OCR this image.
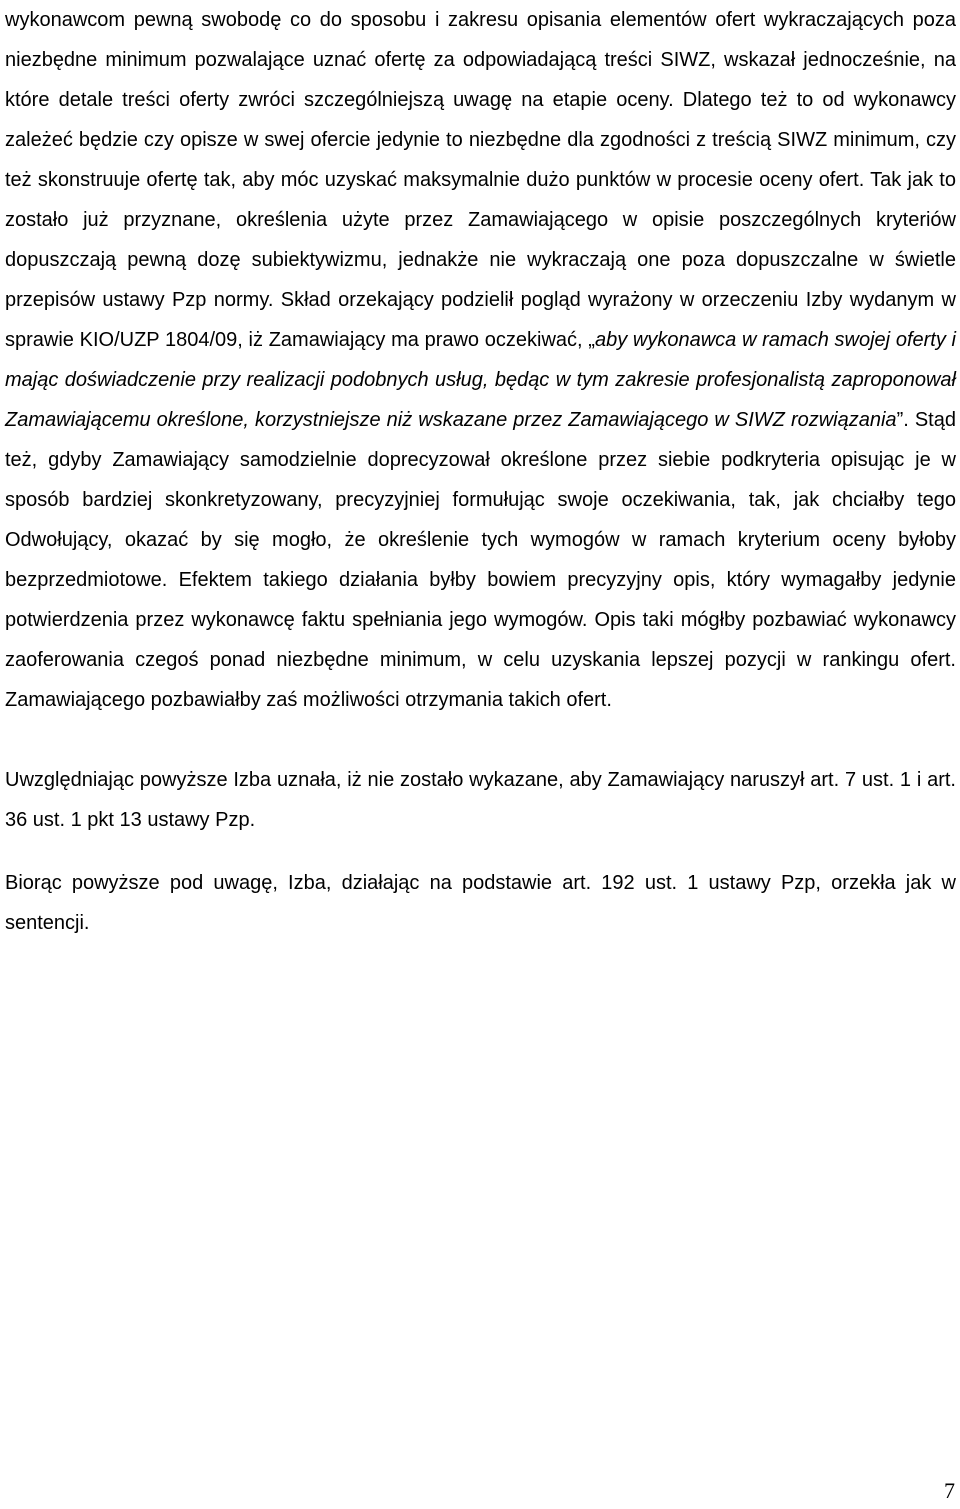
wykonawcom pewną swobodę co do sposobu i zakresu opisania elementów ofert wykraczających poza niezbędne minimum pozwalające uznać ofertę za odpowiadającą treści SIWZ, wskazał jednocześnie, na które detale treści oferty zwróci szczególniejszą uwagę na etapie oceny. Dlatego też to od wykonawcy zależeć będzie czy opisze w swej ofercie jedynie to niezbędne dla zgodności z treścią SIWZ minimum, czy też skonstruuje ofertę tak, aby móc uzyskać maksymalnie dużo punktów w procesie oceny ofert. Tak jak to zostało już przyznane, określenia użyte przez Zamawiającego w opisie poszczególnych kryteriów dopuszczają pewną dozę subiektywizmu, jednakże nie wykraczają one poza dopuszczalne w świetle przepisów ustawy Pzp normy. Skład orzekający podzielił pogląd wyrażony w orzeczeniu Izby wydanym w sprawie KIO/UZP 1804/09, iż Zamawiający ma prawo oczekiwać, „aby wykonawca w ramach swojej oferty i mając doświadczenie przy realizacji podobnych usług, będąc w tym zakresie profesjonalistą zaproponował Zamawiającemu określone, korzystniejsze niż wskazane przez Zamawiającego w SIWZ rozwiązania”. Stąd też, gdyby Zamawiający samodzielnie doprecyzował określone przez siebie podkryteria opisując je w sposób bardziej skonkretyzowany, precyzyjniej formułując swoje oczekiwania, tak, jak chciałby tego Odwołujący, okazać by się mogło, że określenie tych wymogów w ramach kryterium oceny byłoby bezprzedmiotowe. Efektem takiego działania byłby bowiem precyzyjny opis, który wymagałby jedynie potwierdzenia przez wykonawcę faktu spełniania jego wymogów. Opis taki mógłby pozbawiać wykonawcy zaoferowania czegoś ponad niezbędne minimum, w celu uzyskania lepszej pozycji w rankingu ofert. Zamawiającego pozbawiałby zaś możliwości otrzymania takich ofert.

Uwzględniając powyższe Izba uznała, iż nie zostało wykazane, aby Zamawiający naruszył art. 7 ust. 1 i art. 36 ust. 1 pkt 13 ustawy Pzp.

Biorąc powyższe pod uwagę, Izba, działając na podstawie art. 192 ust. 1 ustawy Pzp, orzekła jak w sentencji.

7
